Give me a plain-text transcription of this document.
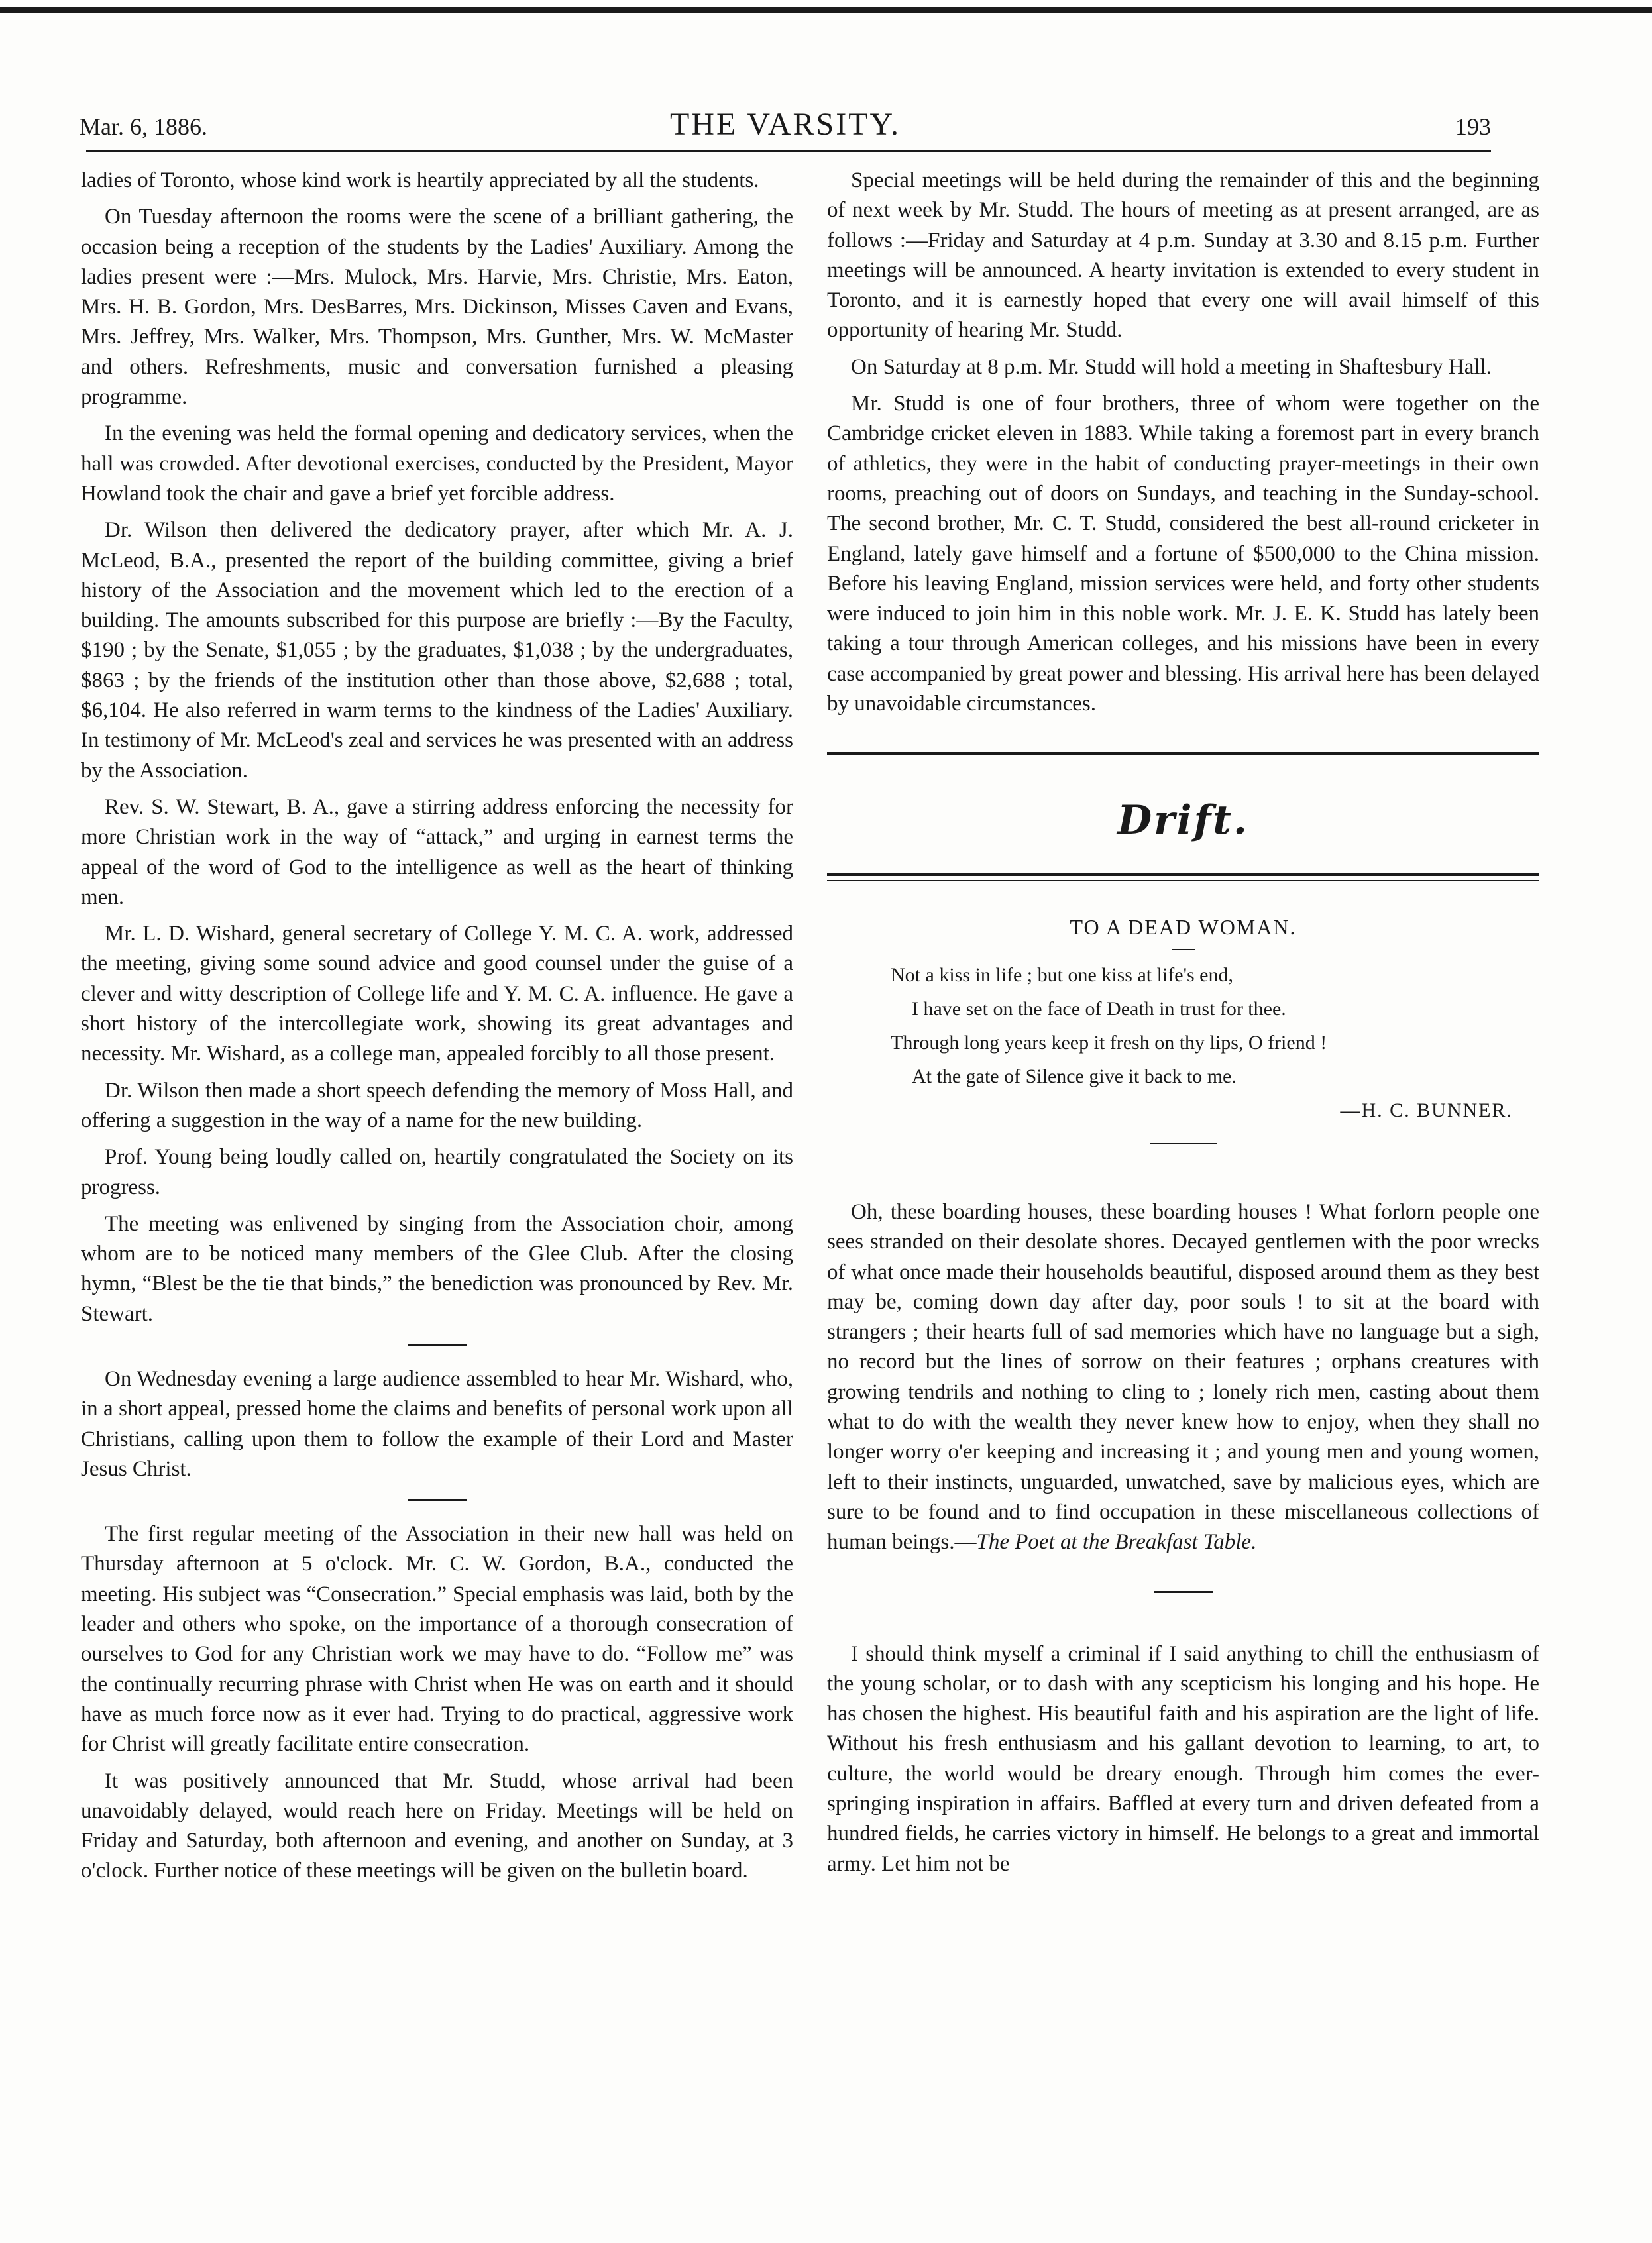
Mar. 6, 1886.	THE VARSITY.	193

ladies of Toronto, whose kind work is heartily appreciated by all the students.

On Tuesday afternoon the rooms were the scene of a brilliant gathering, the occasion being a reception of the students by the Ladies' Auxiliary. Among the ladies present were :—Mrs. Mulock, Mrs. Harvie, Mrs. Christie, Mrs. Eaton, Mrs. H. B. Gordon, Mrs. DesBarres, Mrs. Dickinson, Misses Caven and Evans, Mrs. Jeffrey, Mrs. Walker, Mrs. Thompson, Mrs. Gunther, Mrs. W. McMaster and others. Refreshments, music and conversation furnished a pleasing programme.

In the evening was held the formal opening and dedicatory services, when the hall was crowded. After devotional exercises, conducted by the President, Mayor Howland took the chair and gave a brief yet forcible address.

Dr. Wilson then delivered the dedicatory prayer, after which Mr. A. J. McLeod, B.A., presented the report of the building committee, giving a brief history of the Association and the movement which led to the erection of a building. The amounts subscribed for this purpose are briefly :—By the Faculty, $190 ; by the Senate, $1,055 ; by the graduates, $1,038 ; by the undergraduates, $863 ; by the friends of the institution other than those above, $2,688 ; total, $6,104. He also referred in warm terms to the kindness of the Ladies' Auxiliary. In testimony of Mr. McLeod's zeal and services he was presented with an address by the Association.

Rev. S. W. Stewart, B. A., gave a stirring address enforcing the necessity for more Christian work in the way of “attack,” and urging in earnest terms the appeal of the word of God to the intelligence as well as the heart of thinking men.

Mr. L. D. Wishard, general secretary of College Y. M. C. A. work, addressed the meeting, giving some sound advice and good counsel under the guise of a clever and witty description of College life and Y. M. C. A. influence. He gave a short history of the intercollegiate work, showing its great advantages and necessity. Mr. Wishard, as a college man, appealed forcibly to all those present.

Dr. Wilson then made a short speech defending the memory of Moss Hall, and offering a suggestion in the way of a name for the new building.

Prof. Young being loudly called on, heartily congratulated the Society on its progress.

The meeting was enlivened by singing from the Association choir, among whom are to be noticed many members of the Glee Club. After the closing hymn, “Blest be the tie that binds,” the benediction was pronounced by Rev. Mr. Stewart.

On Wednesday evening a large audience assembled to hear Mr. Wishard, who, in a short appeal, pressed home the claims and benefits of personal work upon all Christians, calling upon them to follow the example of their Lord and Master Jesus Christ.

The first regular meeting of the Association in their new hall was held on Thursday afternoon at 5 o'clock. Mr. C. W. Gordon, B.A., conducted the meeting. His subject was “Consecration.” Special emphasis was laid, both by the leader and others who spoke, on the importance of a thorough consecration of ourselves to God for any Christian work we may have to do. “Follow me” was the continually recurring phrase with Christ when He was on earth and it should have as much force now as it ever had. Trying to do practical, aggressive work for Christ will greatly facilitate entire consecration.

It was positively announced that Mr. Studd, whose arrival had been unavoidably delayed, would reach here on Friday. Meetings will be held on Friday and Saturday, both afternoon and evening, and another on Sunday, at 3 o'clock. Further notice of these meetings will be given on the bulletin board.

Special meetings will be held during the remainder of this and the beginning of next week by Mr. Studd. The hours of meeting as at present arranged, are as follows :—Friday and Saturday at 4 p.m. Sunday at 3.30 and 8.15 p.m. Further meetings will be announced. A hearty invitation is extended to every student in Toronto, and it is earnestly hoped that every one will avail himself of this opportunity of hearing Mr. Studd.

On Saturday at 8 p.m. Mr. Studd will hold a meeting in Shaftesbury Hall.

Mr. Studd is one of four brothers, three of whom were together on the Cambridge cricket eleven in 1883. While taking a foremost part in every branch of athletics, they were in the habit of conducting prayer-meetings in their own rooms, preaching out of doors on Sundays, and teaching in the Sunday-school. The second brother, Mr. C. T. Studd, considered the best all-round cricketer in England, lately gave himself and a fortune of $500,000 to the China mission. Before his leaving England, mission services were held, and forty other students were induced to join him in this noble work. Mr. J. E. K. Studd has lately been taking a tour through American colleges, and his missions have been in every case accompanied by great power and blessing. His arrival here has been delayed by unavoidable circumstances.

Drift.
TO A DEAD WOMAN.
Not a kiss in life ; but one kiss at life's end,
I have set on the face of Death in trust for thee.
Through long years keep it fresh on thy lips, O friend !
At the gate of Silence give it back to me.
—H. C. BUNNER.

Oh, these boarding houses, these boarding houses ! What forlorn people one sees stranded on their desolate shores. Decayed gentlemen with the poor wrecks of what once made their households beautiful, disposed around them as they best may be, coming down day after day, poor souls ! to sit at the board with strangers ; their hearts full of sad memories which have no language but a sigh, no record but the lines of sorrow on their features ; orphans creatures with growing tendrils and nothing to cling to ; lonely rich men, casting about them what to do with the wealth they never knew how to enjoy, when they shall no longer worry o'er keeping and increasing it ; and young men and young women, left to their instincts, unguarded, unwatched, save by malicious eyes, which are sure to be found and to find occupation in these miscellaneous collections of human beings.—The Poet at the Breakfast Table.

I should think myself a criminal if I said anything to chill the enthusiasm of the young scholar, or to dash with any scepticism his longing and his hope. He has chosen the highest. His beautiful faith and his aspiration are the light of life. Without his fresh enthusiasm and his gallant devotion to learning, to art, to culture, the world would be dreary enough. Through him comes the ever-springing inspiration in affairs. Baffled at every turn and driven defeated from a hundred fields, he carries victory in himself. He belongs to a great and immortal army. Let him not be
